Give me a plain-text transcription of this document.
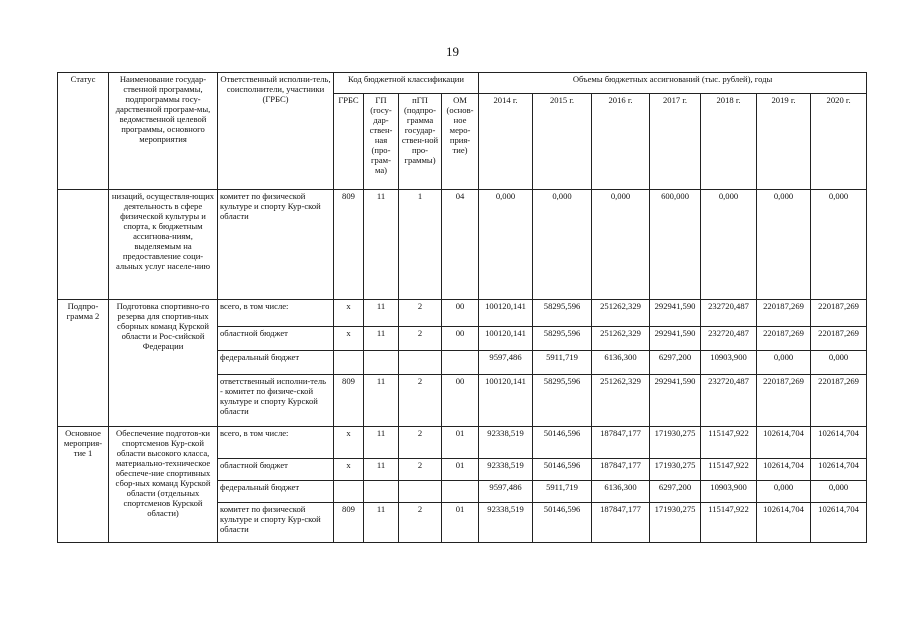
19
Статус	Наименование государ-ственной программы, подпрограммы госу-дарственной програм-мы, ведомственной целевой программы, основного мероприятия	Ответственный исполни-тель, соисполнители, участники (ГРБС)	Код бюджетной классификации				Объемы бюджетных ассигнований (тыс. рублей), годы						
			ГРБС	ГП (госу-дар-ствен-ная (про-грам-ма)	пГП (подпро-грамма государ-ствен-ной про-граммы)	ОМ (основ-ное меро-прия-тие)	2014 г.	2015 г.	2016 г.	2017 г.	2018 г.	2019 г.	2020 г.
	низаций, осуществля-ющих деятельность в сфере физической культуры и спорта, к бюджетным ассигнова-ниям, выделяемым на предоставление соци-альных услуг населе-нию	комитет по физической культуре и спорту Кур-ской области	809	11	1	04	0,000	0,000	0,000	600,000	0,000	0,000	0,000
Подпро-грамма 2	Подготовка спортивно-го резерва для спортив-ных сборных команд Курской области и Рос-сийской Федерации	всего, в том числе:	х	11	2	00	100120,141	58295,596	251262,329	292941,590	232720,487	220187,269	220187,269
		областной бюджет	х	11	2	00	100120,141	58295,596	251262,329	292941,590	232720,487	220187,269	220187,269
		федеральный бюджет					9597,486	5911,719	6136,300	6297,200	10903,900	0,000	0,000
		ответственный исполни-тель - комитет по физиче-ской культуре и спорту Курской области	809	11	2	00	100120,141	58295,596	251262,329	292941,590	232720,487	220187,269	220187,269
Основное мероприя-тие 1	Обеспечение подготов-ки спортсменов Кур-ской области высокого класса, материально-техническое обеспече-ние спортивных сбор-ных команд Курской области (отдельных спортсменов Курской области)	всего, в том числе:	х	11	2	01	92338,519	50146,596	187847,177	171930,275	115147,922	102614,704	102614,704
		областной бюджет	х	11	2	01	92338,519	50146,596	187847,177	171930,275	115147,922	102614,704	102614,704
		федеральный бюджет					9597,486	5911,719	6136,300	6297,200	10903,900	0,000	0,000
		комитет по физической культуре и спорту Кур-ской области	809	11	2	01	92338,519	50146,596	187847,177	171930,275	115147,922	102614,704	102614,704
